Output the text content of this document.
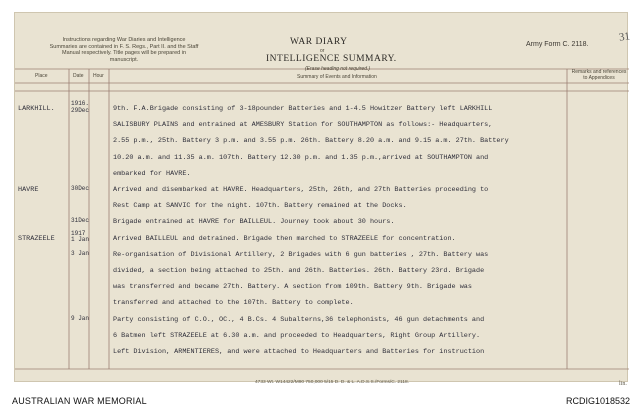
Instructions regarding War Diaries and Intelligence Summaries are contained in F. S. Regs., Part II. and the Staff Manual respectively. Title pages will be prepared in manuscript.
WAR DIARY
or
INTELLIGENCE SUMMARY.
(Erase heading not required.)
Army Form C. 2118.
31
Place	Date Hour	Summary of Events and Information
Remarks and references to Appendices
LARKHILL.
1916. 29Dec	9th. F.A.Brigade consisting of 3-18pounder Batteries and 1-4.5 Howitzer Battery left LARKHILL
SALISBURY PLAINS and entrained at AMESBURY Station for SOUTHAMPTON as follows:- Headquarters,
2.55 p.m., 25th. Battery 3 p.m. and 3.55 p.m. 26th. Battery 8.20 a.m. and 9.15 a.m. 27th. Battery
10.20 a.m. and 11.35 a.m. 107th. Battery 12.30 p.m. and 1.35 p.m.,arrived at SOUTHAMPTON and
embarked for HAVRE.
HAVRE	30Dec	Arrived and disembarked at HAVRE. Headquarters, 25th, 26th, and 27th Batteries proceeding to
Rest Camp at SANVIC for the night. 107th. Battery remained at the Docks.
31Dec	Brigade entrained at HAVRE for BAILLEUL. Journey took about 30 hours.
STRAZEELE
1917 1 Jan	Arrived BAILLEUL and detrained. Brigade then marched to STRAZEELE for concentration.
3 Jan	Re-organisation of Divisional Artillery, 2 Brigades with 6 gun batteries , 27th. Battery was
divided, a section being attached to 25th. and 26th. Batteries. 26th. Battery 23rd. Brigade
was transferred and became 27th. Battery. A section from 109th. Battery 9th. Brigade was
transferred and attached to the 107th. Battery to complete.
9 Jan	Party consisting of C.O., OC., 4 B.Cs. 4 Subalterns,36 telephonists, 46 gun detachments and
6 Batmen left STRAZEELE at 6.30 a.m. and proceeded to Headquarters, Right Group Artillery.
Left Division, ARMENTIERES, and were attached to Headquarters and Batteries for instruction
4733 Wt. W14422/M90 750,000 5/15 D. D. & L. A.D.S.S./Forms/C. 2118.	lin.
AUSTRALIAN WAR MEMORIAL	RCDIG1018532
